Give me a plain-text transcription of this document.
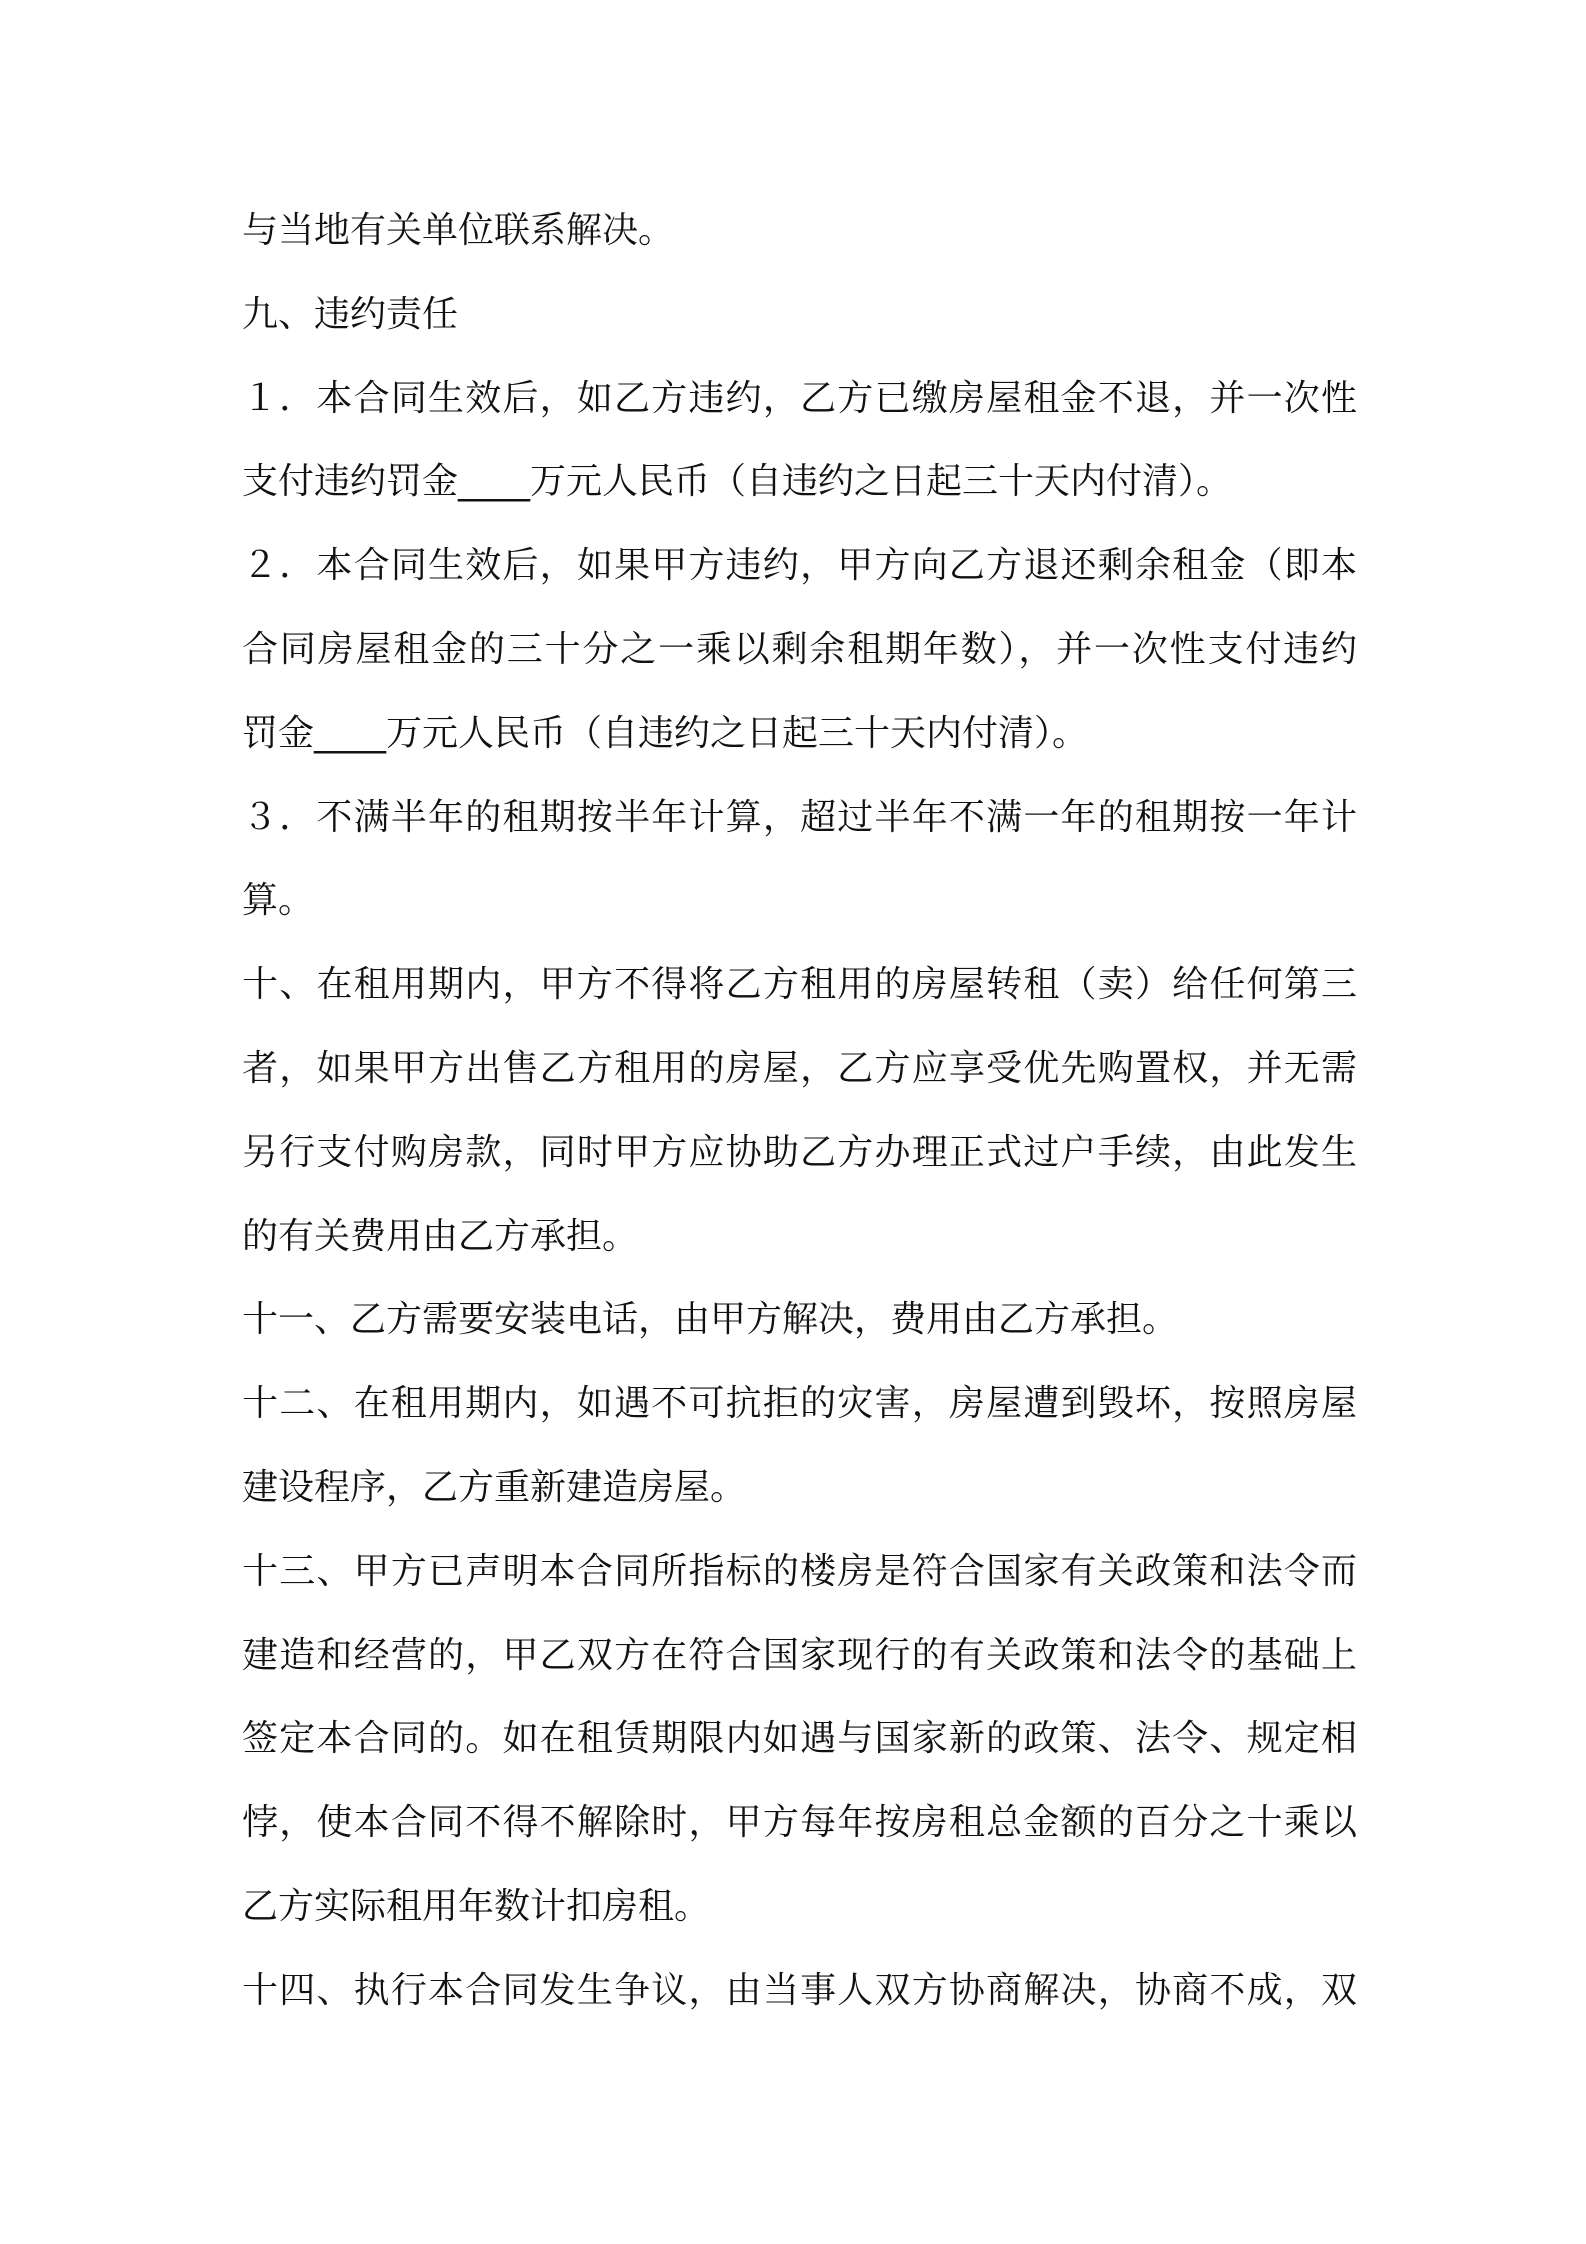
与当地有关单位联系解决。
九、违约责任
１．本合同生效后，如乙方违约，乙方已缴房屋租金不退，并一次性
支付违约罚金____万元人民币（自违约之日起三十天内付清）。
２．本合同生效后，如果甲方违约，甲方向乙方退还剩余租金（即本
合同房屋租金的三十分之一乘以剩余租期年数），并一次性支付违约
罚金____万元人民币（自违约之日起三十天内付清）。
３．不满半年的租期按半年计算，超过半年不满一年的租期按一年计
算。
十、在租用期内，甲方不得将乙方租用的房屋转租（卖）给任何第三
者，如果甲方出售乙方租用的房屋，乙方应享受优先购置权，并无需
另行支付购房款，同时甲方应协助乙方办理正式过户手续，由此发生
的有关费用由乙方承担。
十一、乙方需要安装电话，由甲方解决，费用由乙方承担。
十二、在租用期内，如遇不可抗拒的灾害，房屋遭到毁坏，按照房屋
建设程序，乙方重新建造房屋。
十三、甲方已声明本合同所指标的楼房是符合国家有关政策和法令而
建造和经营的，甲乙双方在符合国家现行的有关政策和法令的基础上
签定本合同的。如在租赁期限内如遇与国家新的政策、法令、规定相
悖，使本合同不得不解除时，甲方每年按房租总金额的百分之十乘以
乙方实际租用年数计扣房租。
十四、执行本合同发生争议，由当事人双方协商解决，协商不成，双
